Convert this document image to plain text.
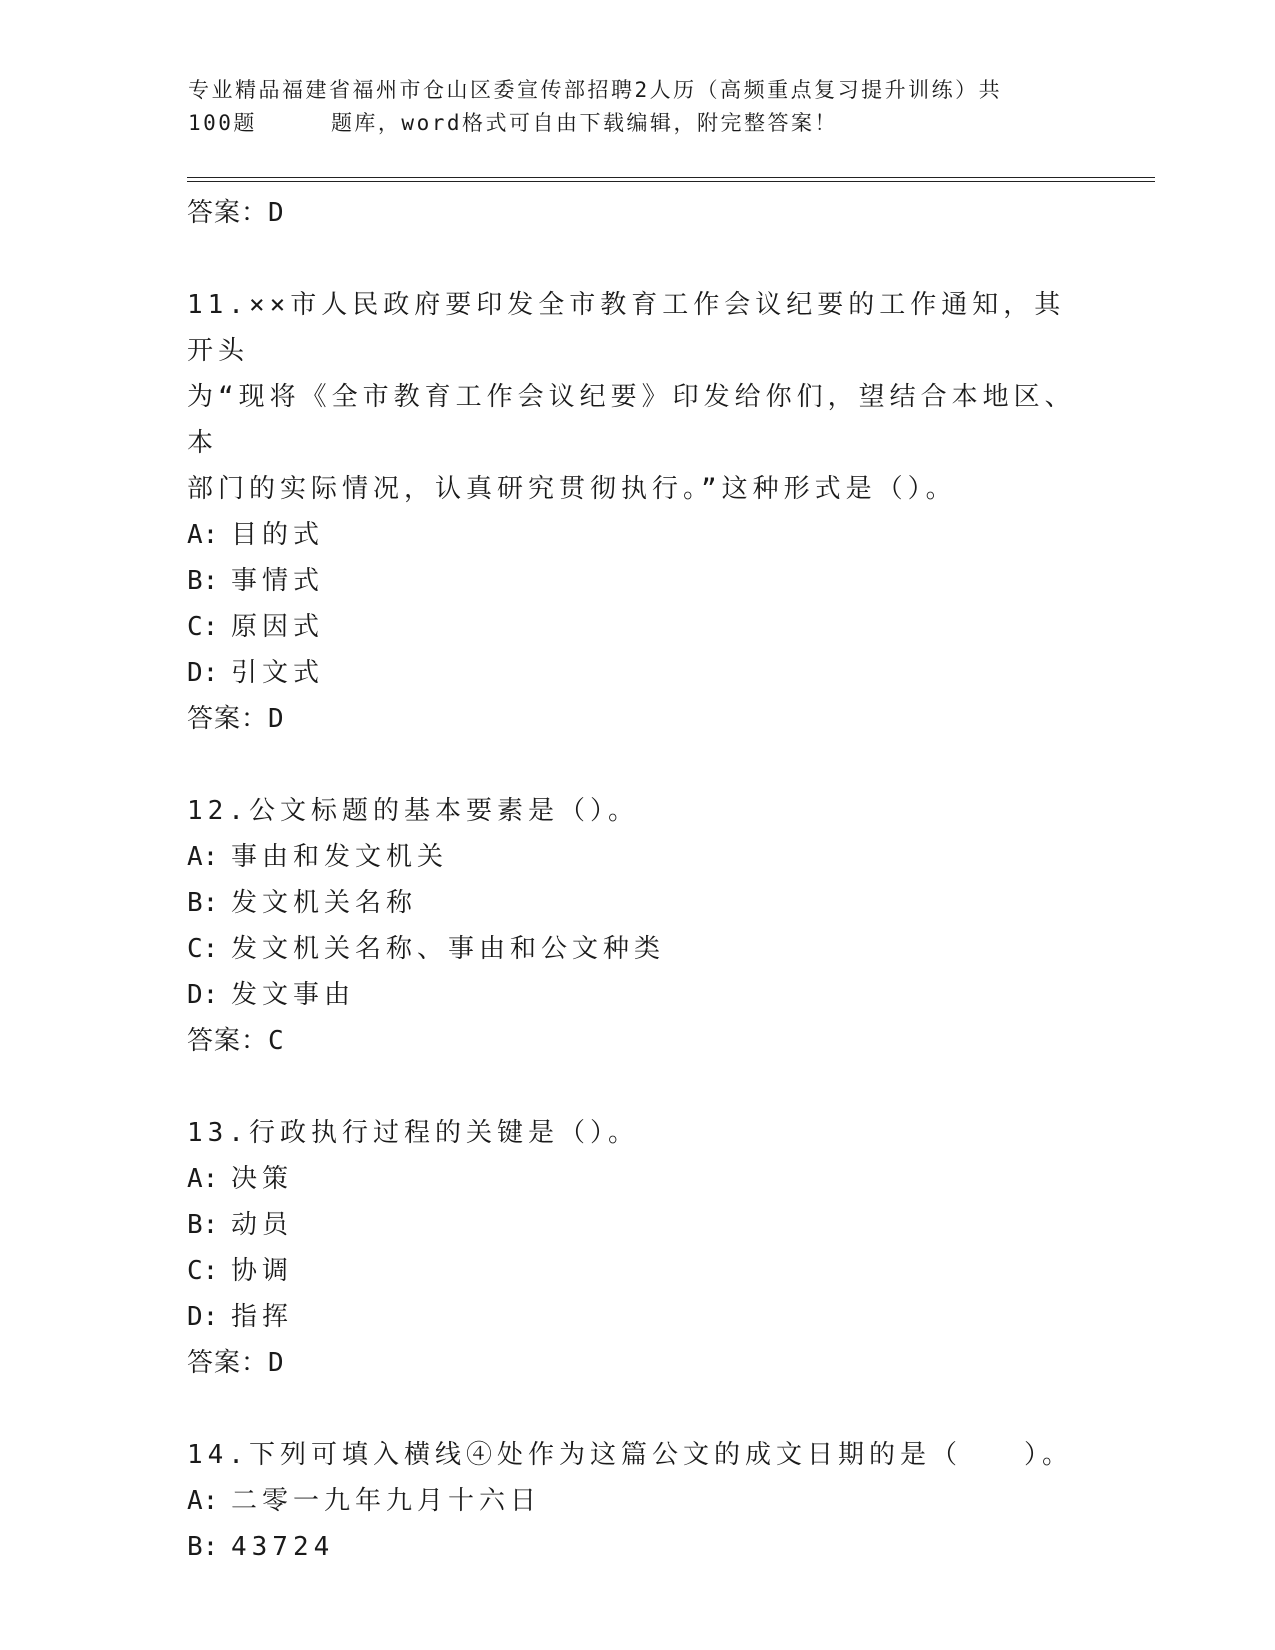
专业精品福建省福州市仓山区委宣传部招聘2人历（高频重点复习提升训练）共
100题	题库，word格式可自由下载编辑，附完整答案！
答案：D
11.××市人民政府要印发全市教育工作会议纪要的工作通知，其开头
为“现将《全市教育工作会议纪要》印发给你们，望结合本地区、本
部门的实际情况，认真研究贯彻执行。”这种形式是（）。
A: 目的式
B: 事情式
C: 原因式
D: 引文式
答案：D
12.公文标题的基本要素是（）。
A: 事由和发文机关
B: 发文机关名称
C: 发文机关名称、事由和公文种类
D: 发文事由
答案：C
13.行政执行过程的关键是（）。
A: 决策
B: 动员
C: 协调
D: 指挥
答案：D
14.下列可填入横线④处作为这篇公文的成文日期的是（　　）。
A: 二零一九年九月十六日
B: 43724
